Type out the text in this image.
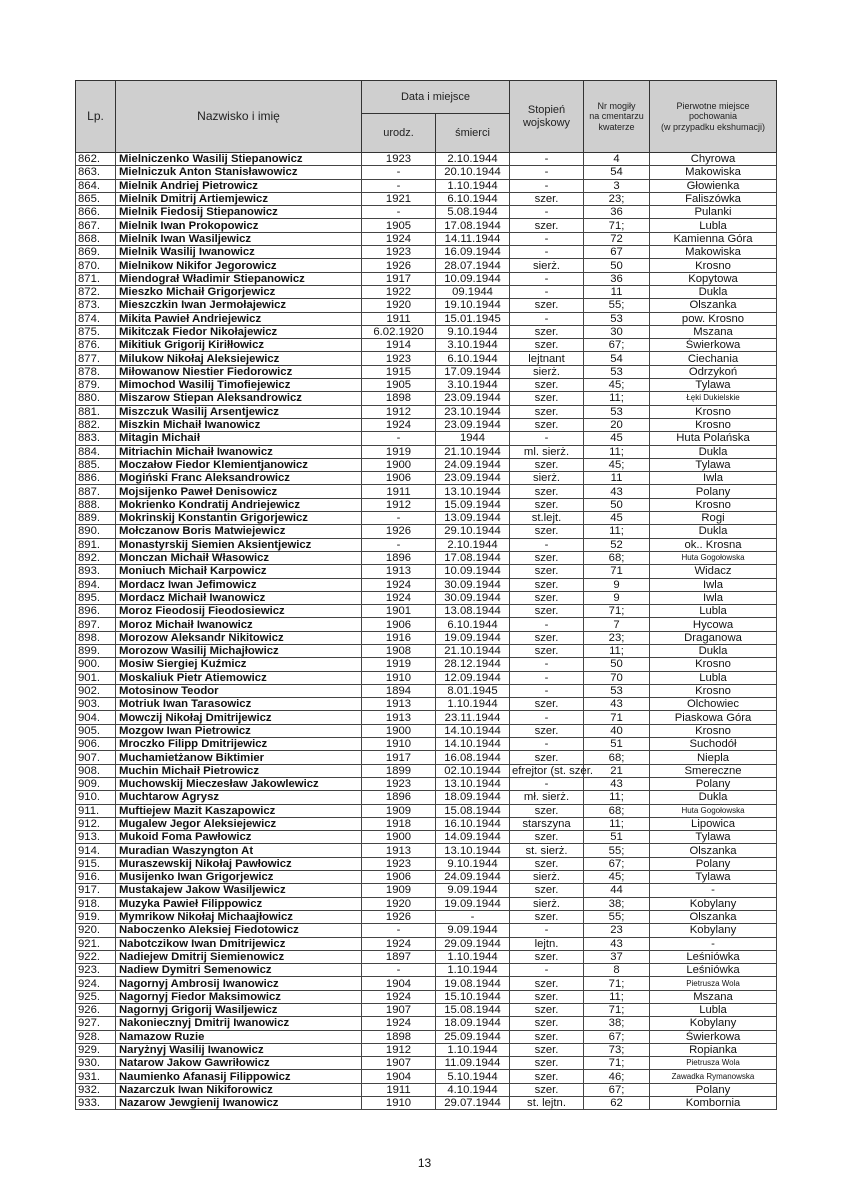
Lp.	Nazwisko i imię	Data i miejsce		Stopień wojskowy	Nr mogiły
na cmentarzu
kwaterze	Pierwotne miejsce
pochowania
(w przypadku ekshumacji)
		urodz.	śmierci			
862.	Mielniczenko Wasilij Stiepanowicz	1923	2.10.1944	-	4	Chyrowa
863.	Mielniczuk Anton Stanisławowicz	-	20.10.1944	-	54	Makowiska
864.	Mielnik Andriej Pietrowicz	-	1.10.1944	-	3	Głowienka
865.	Mielnik Dmitrij Artiemjewicz	1921	6.10.1944	szer.	23;	Faliszówka
866.	Mielnik Fiedosij Stiepanowicz	-	5.08.1944	-	36	Pulanki
867.	Mielnik Iwan Prokopowicz	1905	17.08.1944	szer.	71;	Lubla
868.	Mielnik Iwan Wasiljewicz	1924	14.11.1944	-	72	Kamienna Góra
869.	Mielnik Wasilij Iwanowicz	1923	16.09.1944	-	67	Makowiska
870.	Mielnikow Nikifor Jegorowicz	1926	28.07.1944	sierż.	50	Krosno
871.	Miendograł Władimir Stiepanowicz	1917	10.09.1944	-	36	Kopytowa
872.	Mieszko Michaił Grigorjewicz	1922	09.1944	-	11	Dukla
873.	Mieszczkin Iwan Jermołajewicz	1920	19.10.1944	szer.	55;	Olszanka
874.	Mikita Pawieł Andriejewicz	1911	15.01.1945	-	53	pow. Krosno
875.	Mikitczak Fiedor Nikołajewicz	6.02.1920	9.10.1944	szer.	30	Mszana
876.	Mikitiuk Grigorij Kiriłłowicz	1914	3.10.1944	szer.	67;	Świerkowa
877.	Milukow Nikołaj Aleksiejewicz	1923	6.10.1944	lejtnant	54	Ciechania
878.	Miłowanow Niestier Fiedorowicz	1915	17.09.1944	sierż.	53	Odrzykoń
879.	Mimochod Wasilij Timofiejewicz	1905	3.10.1944	szer.	45;	Tylawa
880.	Miszarow Stiepan Aleksandrowicz	1898	23.09.1944	szer.	11;	Łęki Dukielskie
881.	Miszczuk Wasilij Arsentjewicz	1912	23.10.1944	szer.	53	Krosno
882.	Miszkin Michaił Iwanowicz	1924	23.09.1944	szer.	20	Krosno
883.	Mitagin Michaił	-	1944	-	45	Huta Polańska
884.	Mitriachin Michaił Iwanowicz	1919	21.10.1944	ml. sierż.	11;	Dukla
885.	Moczałow Fiedor Klemientjanowicz	1900	24.09.1944	szer.	45;	Tylawa
886.	Mogiński Franc Aleksandrowicz	1906	23.09.1944	sierż.	11	Iwla
887.	Mojsijenko Paweł Denisowicz	1911	13.10.1944	szer.	43	Polany
888.	Mokrienko Kondratij Andriejewicz	1912	15.09.1944	szer.	50	Krosno
889.	Mokrinskij Konstantin Grigorjewicz	-	13.09.1944	st.lejt.	45	Rogi
890.	Mołczanow Boris Matwiejewicz	1926	29.10.1944	szer.	11;	Dukla
891.	Monastyrskij Siemien Aksientjewicz	-	2.10.1944	-	52	ok.. Krosna
892.	Monczan Michaił Własowicz	1896	17.08.1944	szer.	68;	Huta Gogołowska
893.	Moniuch Michaił Karpowicz	1913	10.09.1944	szer.	71	Widacz
894.	Mordacz Iwan Jefimowicz	1924	30.09.1944	szer.	9	Iwla
895.	Mordacz Michaił Iwanowicz	1924	30.09.1944	szer.	9	Iwla
896.	Moroz Fieodosij Fieodosiewicz	1901	13.08.1944	szer.	71;	Lubla
897.	Moroz Michaił Iwanowicz	1906	6.10.1944	-	7	Hycowa
898.	Morozow Aleksandr Nikitowicz	1916	19.09.1944	szer.	23;	Draganowa
899.	Morozow Wasilij Michajłowicz	1908	21.10.1944	szer.	11;	Dukla
900.	Mosiw Siergiej Kuźmicz	1919	28.12.1944	-	50	Krosno
901.	Moskaliuk Pietr Atiemowicz	1910	12.09.1944	-	70	Lubla
902.	Motosinow Teodor	1894	8.01.1945	-	53	Krosno
903.	Motriuk Iwan Tarasowicz	1913	1.10.1944	szer.	43	Olchowiec
904.	Mowczij Nikołaj Dmitrijewicz	1913	23.11.1944	-	71	Piaskowa Góra
905.	Mozgow Iwan Pietrowicz	1900	14.10.1944	szer.	40	Krosno
906.	Mroczko Filipp Dmitrijewicz	1910	14.10.1944	-	51	Suchodół
907.	Muchamietżanow Biktimier	1917	16.08.1944	szer.	68;	Niepla
908.	Muchin Michaił Pietrowicz	1899	02.10.1944	efrejtor (st. szer.	21	Smereczne
909.	Muchowskij Mieczesław Jakowlewicz	1923	13.10.1944	-	43	Polany
910.	Muchtarow Agrysz	1896	18.09.1944	mł. sierż.	11;	Dukla
911.	Muftiejew Mazit Kaszapowicz	1909	15.08.1944	szer.	68;	Huta Gogołowska
912.	Mugalew Jegor Aleksiejewicz	1918	16.10.1944	starszyna	11;	Lipowica
913.	Mukoid Foma Pawłowicz	1900	14.09.1944	szer.	51	Tylawa
914.	Muradian Waszyngton At	1913	13.10.1944	st. sierż.	55;	Olszanka
915.	Muraszewskij Nikołaj Pawłowicz	1923	9.10.1944	szer.	67;	Polany
916.	Musijenko Iwan Grigorjewicz	1906	24.09.1944	sierż.	45;	Tylawa
917.	Mustakajew Jakow Wasiljewicz	1909	9.09.1944	szer.	44	-
918.	Muzyka Pawieł Filippowicz	1920	19.09.1944	sierż.	38;	Kobylany
919.	Mymrikow Nikołaj Michaajłowicz	1926	-	szer.	55;	Olszanka
920.	Naboczenko Aleksiej Fiedotowicz	-	9.09.1944	-	23	Kobylany
921.	Nabotczikow Iwan Dmitrijewicz	1924	29.09.1944	lejtn.	43	-
922.	Nadiejew Dmitrij Siemienowicz	1897	1.10.1944	szer.	37	Leśniówka
923.	Nadiew Dymitri Semenowicz	-	1.10.1944	-	8	Leśniówka
924.	Nagornyj Ambrosij Iwanowicz	1904	19.08.1944	szer.	71;	Pietrusza Wola
925.	Nagornyj Fiedor Maksimowicz	1924	15.10.1944	szer.	11;	Mszana
926.	Nagornyj Grigorij Wasiljewicz	1907	15.08.1944	szer.	71;	Lubla
927.	Nakoniecznyj Dmitrij Iwanowicz	1924	18.09.1944	szer.	38;	Kobylany
928.	Namazow Ruzie	1898	25.09.1944	szer.	67;	Świerkowa
929.	Naryżnyj Wasilij Iwanowicz	1912	1.10.1944	szer.	73;	Ropianka
930.	Natarow Jakow Gawriłowicz	1907	11.09.1944	szer.	71;	Pietrusza Wola
931.	Naumienko Afanasij Filippowicz	1904	5.10.1944	szer.	46;	Zawadka Rymanowska
932.	Nazarczuk Iwan Nikiforowicz	1911	4.10.1944	szer.	67;	Polany
933.	Nazarow Jewgienij Iwanowicz	1910	29.07.1944	st. lejtn.	62	Kombornia
13
